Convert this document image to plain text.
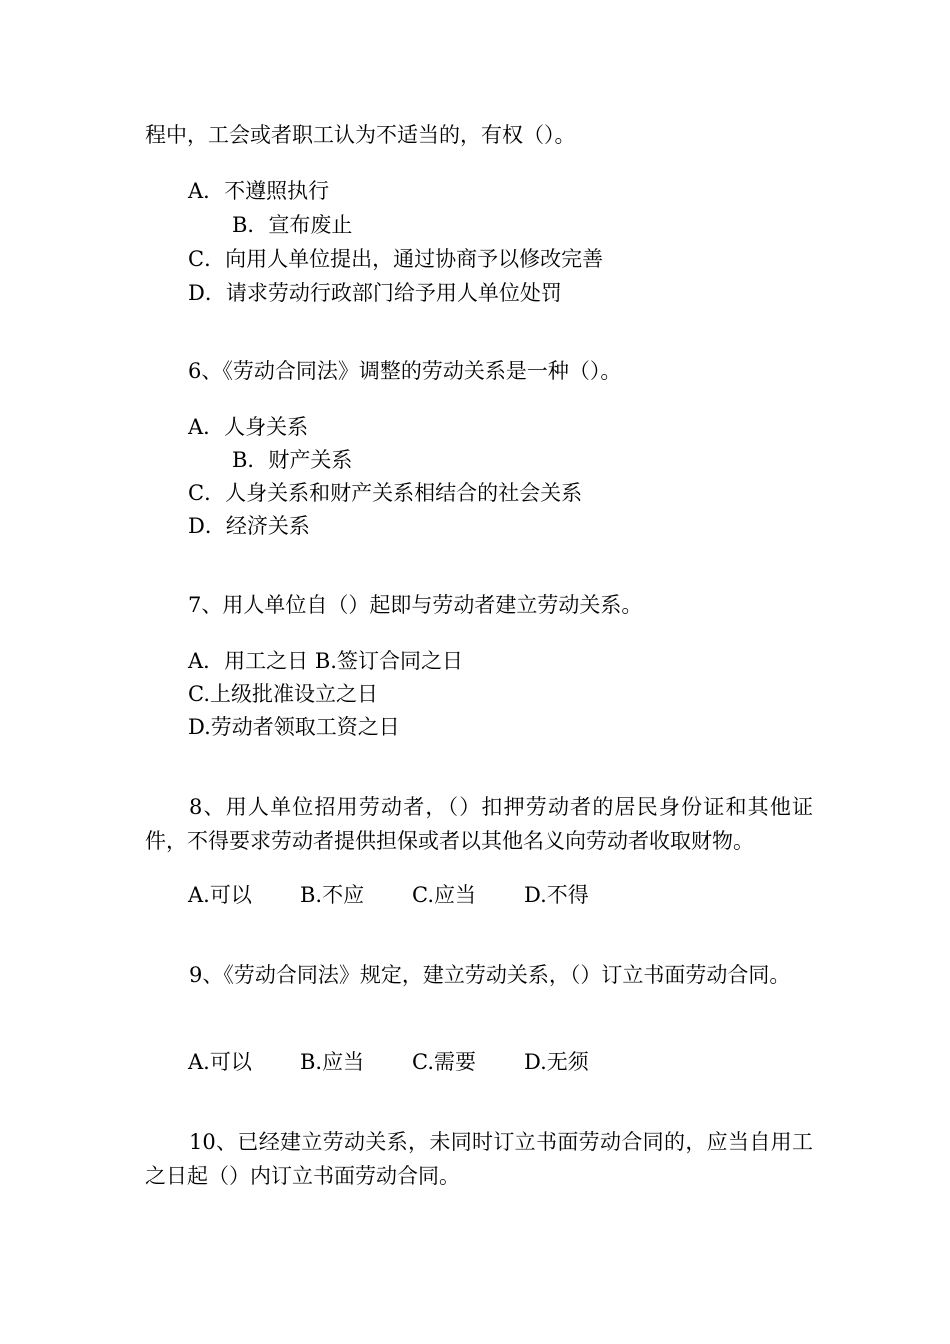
程中，工会或者职工认为不适当的，有权（）。
A．不遵照执行
B．宣布废止
C．向用人单位提出，通过协商予以修改完善
D．请求劳动行政部门给予用人单位处罚
6、《劳动合同法》调整的劳动关系是一种（）。
A．人身关系
B．财产关系
C．人身关系和财产关系相结合的社会关系
D．经济关系
7、用人单位自（）起即与劳动者建立劳动关系。
A．用工之日 B.签订合同之日
C.上级批准设立之日
D.劳动者领取工资之日
8、用人单位招用劳动者，（）扣押劳动者的居民身份证和其他证件，不得要求劳动者提供担保或者以其他名义向劳动者收取财物。
A.可以	B.不应	C.应当	D.不得
9、《劳动合同法》规定，建立劳动关系，（）订立书面劳动合同。
A.可以	B.应当	C.需要	D.无须
10、已经建立劳动关系，未同时订立书面劳动合同的，应当自用工之日起（）内订立书面劳动合同。
